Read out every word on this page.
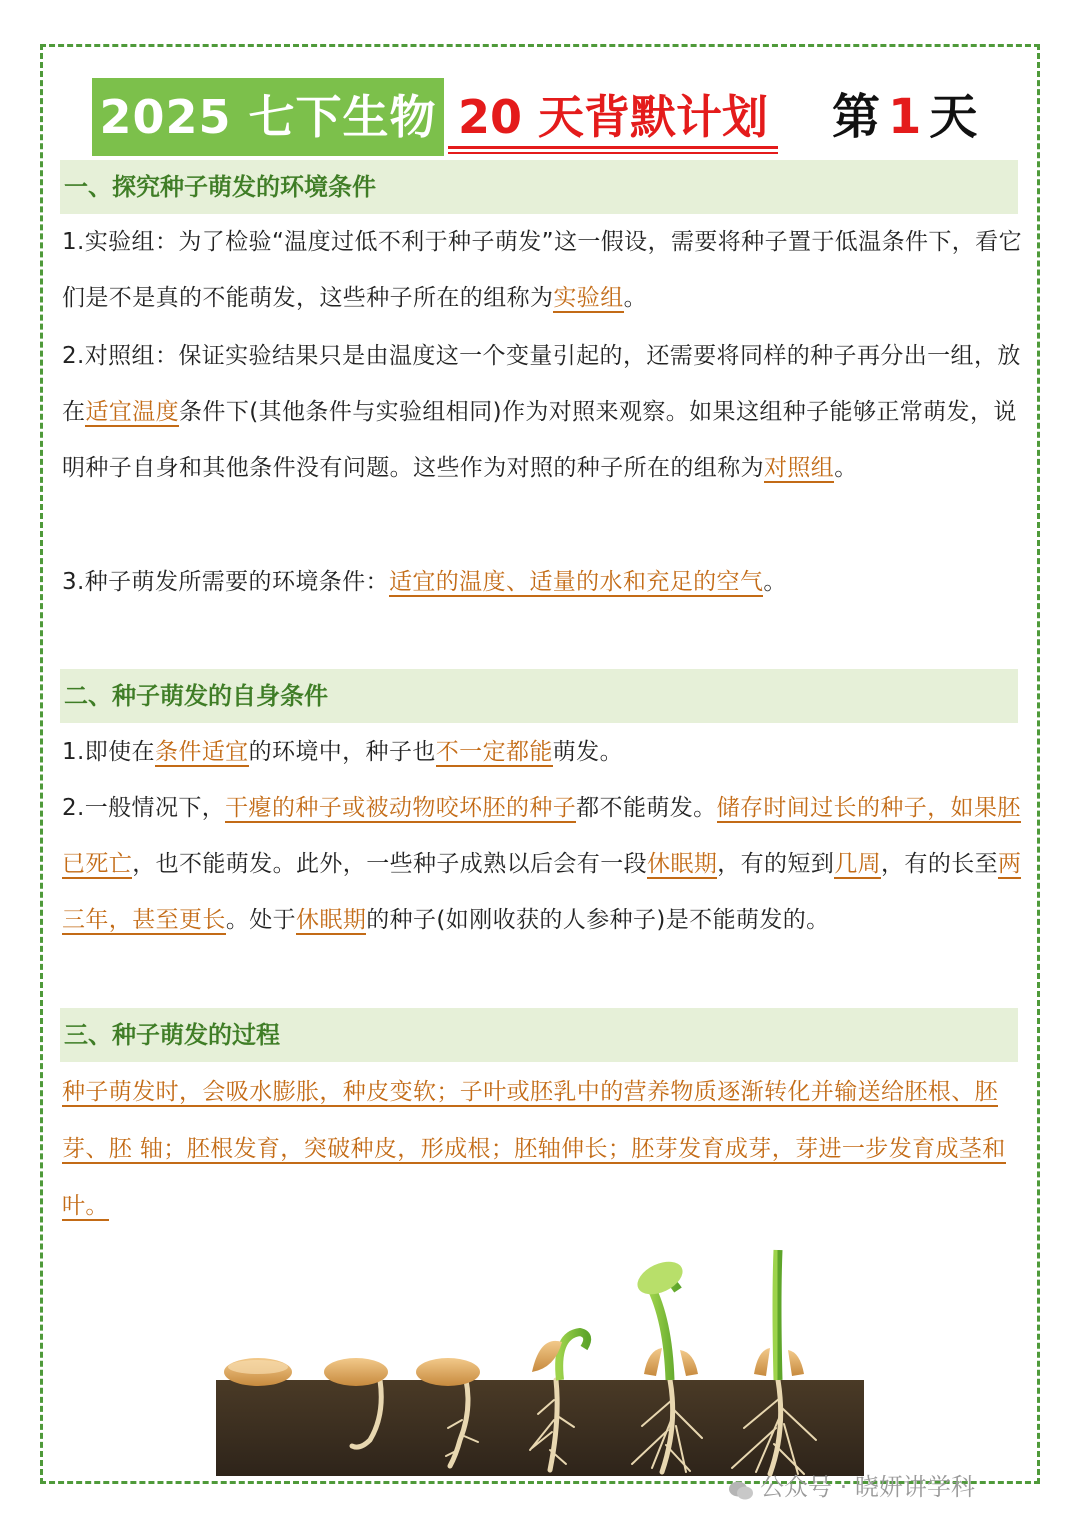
2025 七下生物 20 天背默计划 第 1 天
一、探究种子萌发的环境条件
1.实验组：为了检验“温度过低不利于种子萌发”这一假设，需要将种子置于低温条件下，看它们是不是真的不能萌发，这些种子所在的组称为实验组。
2.对照组：保证实验结果只是由温度这一个变量引起的，还需要将同样的种子再分出一组，放在适宜温度条件下(其他条件与实验组相同)作为对照来观察。如果这组种子能够正常萌发，说明种子自身和其他条件没有问题。这些作为对照的种子所在的组称为对照组。
3.种子萌发所需要的环境条件：适宜的温度、适量的水和充足的空气。
二、种子萌发的自身条件
1.即使在条件适宜的环境中，种子也不一定都能萌发。
2.一般情况下，干瘪的种子或被动物咬坏胚的种子都不能萌发。储存时间过长的种子，如果胚已死亡，也不能萌发。此外，一些种子成熟以后会有一段休眠期，有的短到几周，有的长至两三年，甚至更长。处于休眠期的种子(如刚收获的人参种子)是不能萌发的。
三、种子萌发的过程
种子萌发时，会吸水膨胀，种皮变软；子叶或胚乳中的营养物质逐渐转化并输送给胚根、胚芽、胚 轴；胚根发育，突破种皮，形成根；胚轴伸长；胚芽发育成芽，芽进一步发育成茎和叶。
公众号 · 晓妍讲学科
